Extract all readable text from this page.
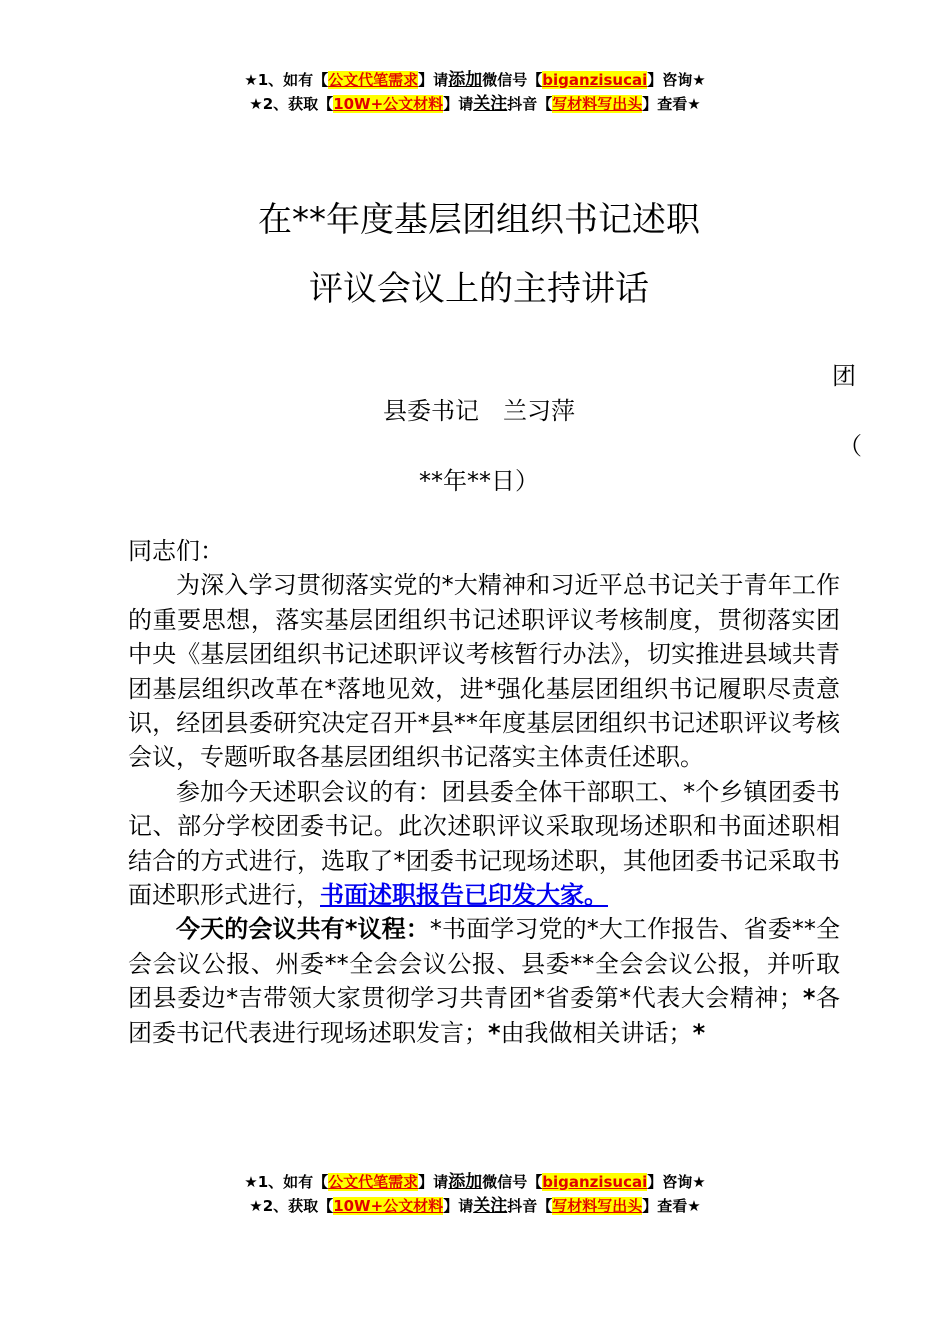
★1、如有【公文代笔需求】请添加微信号【biganzisucai】咨询★
★2、获取【10W+公文材料】请关注抖音【写材料写出头】查看★
在**年度基层团组织书记述职
评议会议上的主持讲话
团
县委书记　兰习萍
（
**年**日）

同志们：

为深入学习贯彻落实党的*大精神和习近平总书记关于青年工作的重要思想，落实基层团组织书记述职评议考核制度，贯彻落实团中央《基层团组织书记述职评议考核暂行办法》，切实推进县域共青团基层组织改革在*落地见效，进*强化基层团组织书记履职尽责意识，经团县委研究决定召开*县**年度基层团组织书记述职评议考核会议，专题听取各基层团组织书记落实主体责任述职。

参加今天述职会议的有：团县委全体干部职工、*个乡镇团委书记、部分学校团委书记。此次述职评议采取现场述职和书面述职相结合的方式进行，选取了*团委书记现场述职，其他团委书记采取书面述职形式进行，书面述职报告已印发大家。

今天的会议共有*议程：*书面学习党的*大工作报告、省委**全会会议公报、州委**全会会议公报、县委**全会会议公报，并听取团县委边*吉带领大家贯彻学习共青团*省委第*代表大会精神；*各团委书记代表进行现场述职发言；*由我做相关讲话；*

★1、如有【公文代笔需求】请添加微信号【biganzisucai】咨询★
★2、获取【10W+公文材料】请关注抖音【写材料写出头】查看★
